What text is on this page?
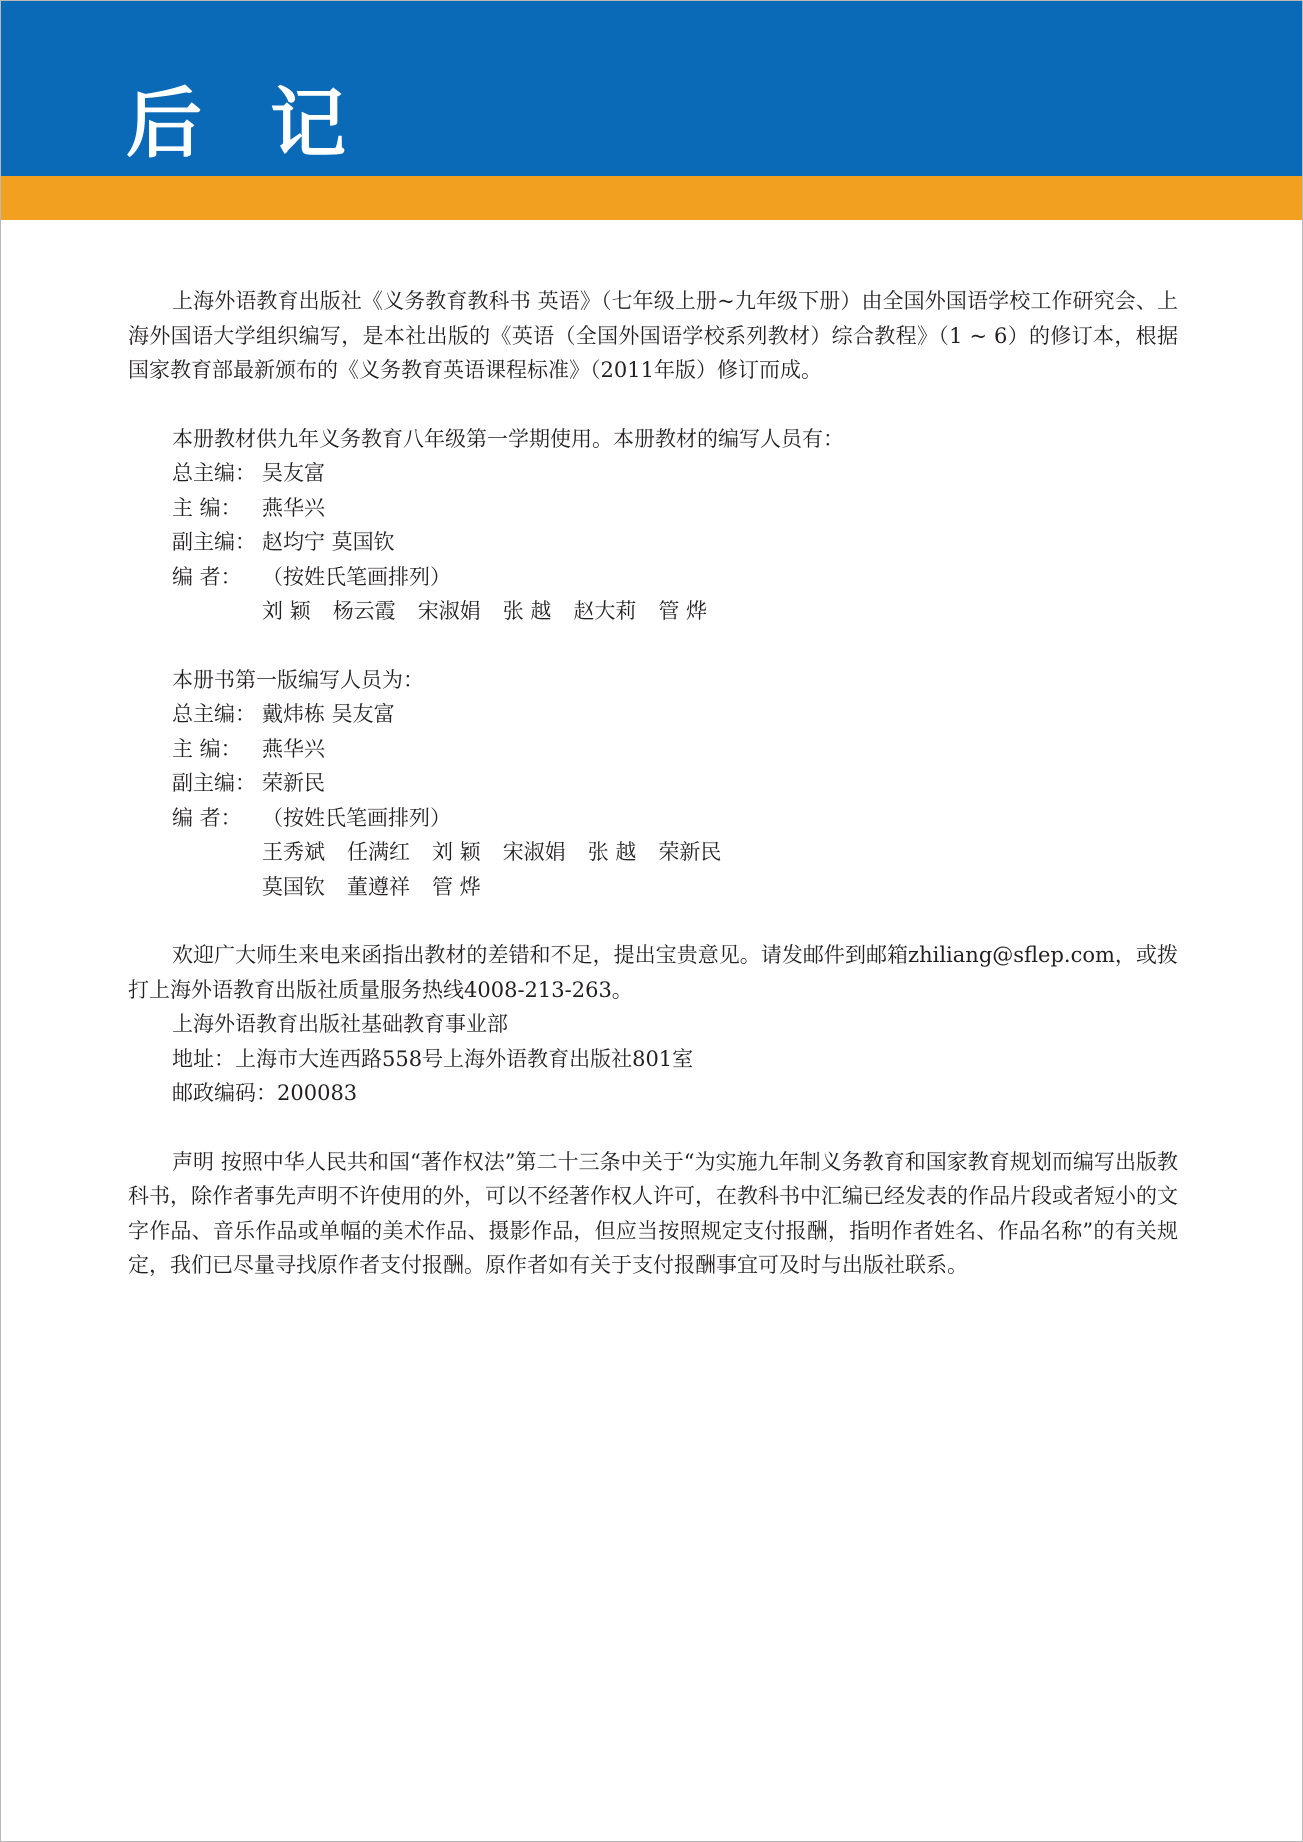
后记

上海外语教育出版社《义务教育教科书 英语》（七年级上册~九年级下册）由全国外国语学校工作研究会、上海外国语大学组织编写，是本社出版的《英语（全国外国语学校系列教材）综合教程》（1 ~ 6）的修订本，根据国家教育部最新颁布的《义务教育英语课程标准》（2011年版）修订而成。

本册教材供九年义务教育八年级第一学期使用。本册教材的编写人员有：

总主编： 吴友富

主 编： 燕华兴

副主编： 赵均宁 莫国钦

编 者： （按姓氏笔画排列）

刘 颖 杨云霞 宋淑娟 张 越 赵大莉 管 烨

本册书第一版编写人员为：

总主编： 戴炜栋 吴友富

主 编： 燕华兴

副主编： 荣新民

编 者： （按姓氏笔画排列）

王秀斌 任满红 刘 颖 宋淑娟 张 越 荣新民

莫国钦 董遵祥 管 烨

欢迎广大师生来电来函指出教材的差错和不足，提出宝贵意见。请发邮件到邮箱zhiliang@sflep.com，或拨打上海外语教育出版社质量服务热线4008-213-263。

上海外语教育出版社基础教育事业部

地址：上海市大连西路558号上海外语教育出版社801室

邮政编码：200083

声明 按照中华人民共和国“著作权法”第二十三条中关于“为实施九年制义务教育和国家教育规划而编写出版教科书，除作者事先声明不许使用的外，可以不经著作权人许可，在教科书中汇编已经发表的作品片段或者短小的文字作品、音乐作品或单幅的美术作品、摄影作品，但应当按照规定支付报酬，指明作者姓名、作品名称”的有关规定，我们已尽量寻找原作者支付报酬。原作者如有关于支付报酬事宜可及时与出版社联系。
